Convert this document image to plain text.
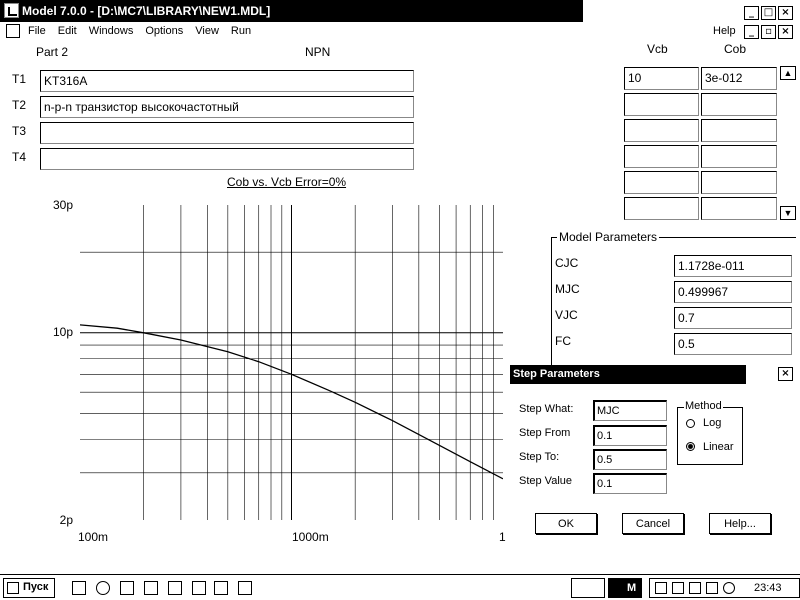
Model 7.0.0 - [D:\MC7\LIBRARY\NEW1.MDL]	_ □ ×
File Edit Windows Options View Run	Help	_	▫ ×
Part 2	NPN	Vcb	Cob
T1	KT316A
T2	n-p-n транзистор высокочастотный
T3
T4
10	3e-012	▲
▼
Cob vs. Vcb Error=0%
30p
10p
2p
100m	1000m	1
Model Parameters
CJC	1.1728e-011
MJC	0.499967
VJC	0.7
FC	0.5
Step Parameters	×
Step What:	MJC
Step From	0.1
Step To:	0.5
Step Value	0.1
Method
Log
Linear
OK	Cancel	Help...
Пуск	M	23:43
